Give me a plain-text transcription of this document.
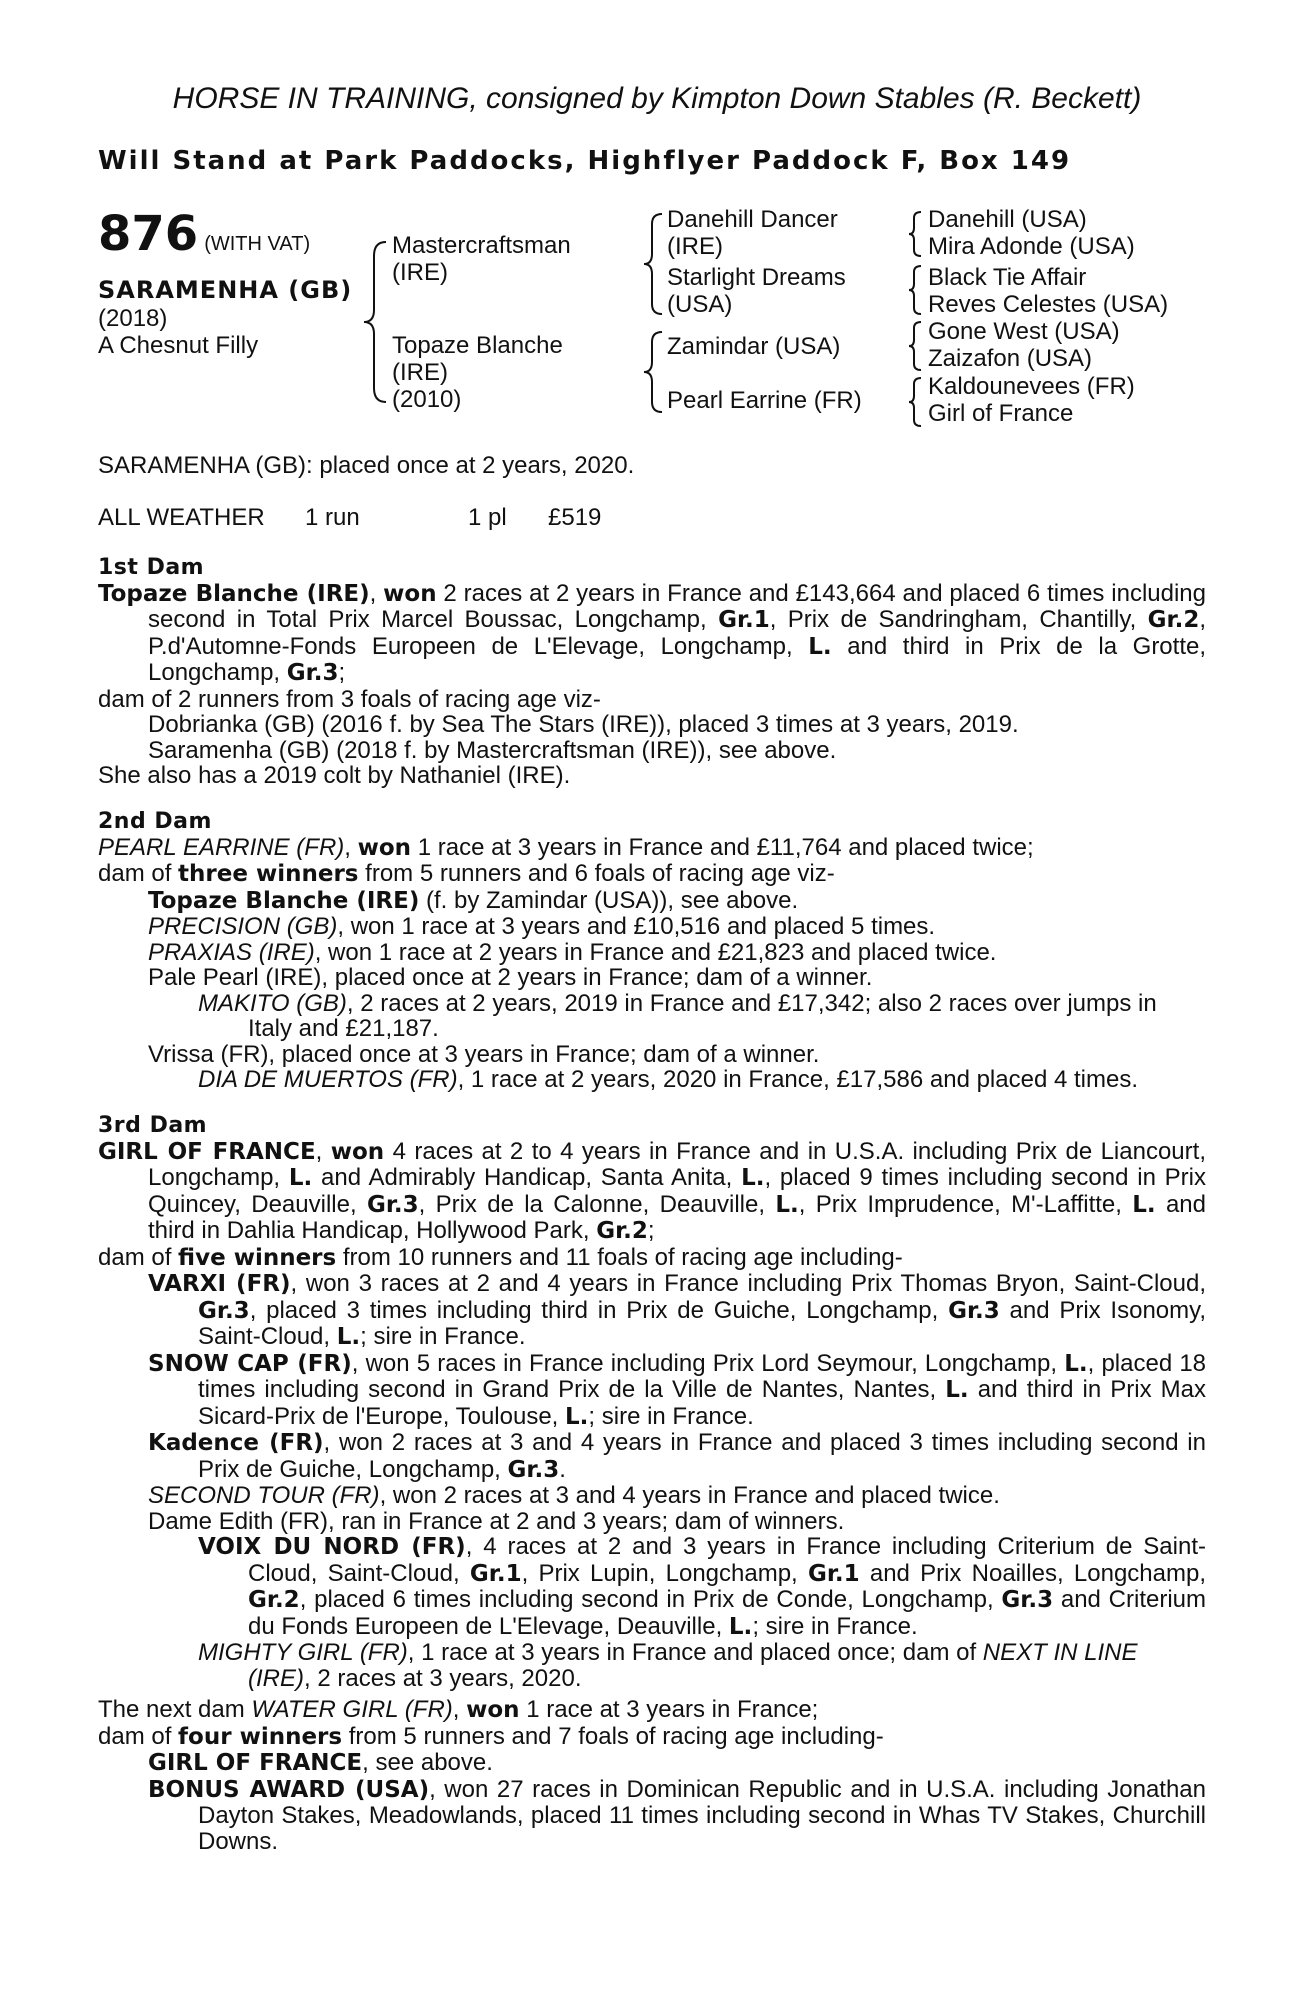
HORSE IN TRAINING, consigned by Kimpton Down Stables (R. Beckett)
Will Stand at Park Paddocks, Highflyer Paddock F, Box 149
876 (WITH VAT)
SARAMENHA (GB)
(2018)
A Chesnut Filly
Mastercraftsman
(IRE)
Topaze Blanche
(IRE)
(2010)
Danehill Dancer
(IRE)
Starlight Dreams
(USA)
Zamindar (USA)
Pearl Earrine (FR)
Danehill (USA)
Mira Adonde (USA)
Black Tie Affair
Reves Celestes (USA)
Gone West (USA)
Zaizafon (USA)
Kaldounevees (FR)
Girl of France
SARAMENHA (GB): placed once at 2 years, 2020.
ALL WEATHER 1 run	1 pl £519

1st Dam

Topaze Blanche (IRE), won 2 races at 2 years in France and £143,664 and placed 6 times including second in Total Prix Marcel Boussac, Longchamp, Gr.1, Prix de Sandringham, Chantilly, Gr.2, P.d'Automne-Fonds Europeen de L'Elevage, Longchamp, L. and third in Prix de la Grotte, Longchamp, Gr.3;

dam of 2 runners from 3 foals of racing age viz-

Dobrianka (GB) (2016 f. by Sea The Stars (IRE)), placed 3 times at 3 years, 2019.

Saramenha (GB) (2018 f. by Mastercraftsman (IRE)), see above.

She also has a 2019 colt by Nathaniel (IRE).

2nd Dam

PEARL EARRINE (FR), won 1 race at 3 years in France and £11,764 and placed twice;

dam of three winners from 5 runners and 6 foals of racing age viz-

Topaze Blanche (IRE) (f. by Zamindar (USA)), see above.

PRECISION (GB), won 1 race at 3 years and £10,516 and placed 5 times.

PRAXIAS (IRE), won 1 race at 2 years in France and £21,823 and placed twice.

Pale Pearl (IRE), placed once at 2 years in France; dam of a winner.

MAKITO (GB), 2 races at 2 years, 2019 in France and £17,342; also 2 races over jumps in Italy and £21,187.

Vrissa (FR), placed once at 3 years in France; dam of a winner.

DIA DE MUERTOS (FR), 1 race at 2 years, 2020 in France, £17,586 and placed 4 times.

3rd Dam

GIRL OF FRANCE, won 4 races at 2 to 4 years in France and in U.S.A. including Prix de Liancourt, Longchamp, L. and Admirably Handicap, Santa Anita, L., placed 9 times including second in Prix Quincey, Deauville, Gr.3, Prix de la Calonne, Deauville, L., Prix Imprudence, M'-Laffitte, L. and third in Dahlia Handicap, Hollywood Park, Gr.2;

dam of five winners from 10 runners and 11 foals of racing age including-

VARXI (FR), won 3 races at 2 and 4 years in France including Prix Thomas Bryon, Saint-Cloud, Gr.3, placed 3 times including third in Prix de Guiche, Longchamp, Gr.3 and Prix Isonomy, Saint-Cloud, L.; sire in France.

SNOW CAP (FR), won 5 races in France including Prix Lord Seymour, Longchamp, L., placed 18 times including second in Grand Prix de la Ville de Nantes, Nantes, L. and third in Prix Max Sicard-Prix de l'Europe, Toulouse, L.; sire in France.

Kadence (FR), won 2 races at 3 and 4 years in France and placed 3 times including second in Prix de Guiche, Longchamp, Gr.3.

SECOND TOUR (FR), won 2 races at 3 and 4 years in France and placed twice.

Dame Edith (FR), ran in France at 2 and 3 years; dam of winners.

VOIX DU NORD (FR), 4 races at 2 and 3 years in France including Criterium de Saint-Cloud, Saint-Cloud, Gr.1, Prix Lupin, Longchamp, Gr.1 and Prix Noailles, Longchamp, Gr.2, placed 6 times including second in Prix de Conde, Longchamp, Gr.3 and Criterium du Fonds Europeen de L'Elevage, Deauville, L.; sire in France.

MIGHTY GIRL (FR), 1 race at 3 years in France and placed once; dam of NEXT IN LINE (IRE), 2 races at 3 years, 2020.

The next dam WATER GIRL (FR), won 1 race at 3 years in France;

dam of four winners from 5 runners and 7 foals of racing age including-

GIRL OF FRANCE, see above.

BONUS AWARD (USA), won 27 races in Dominican Republic and in U.S.A. including Jonathan Dayton Stakes, Meadowlands, placed 11 times including second in Whas TV Stakes, Churchill Downs.
